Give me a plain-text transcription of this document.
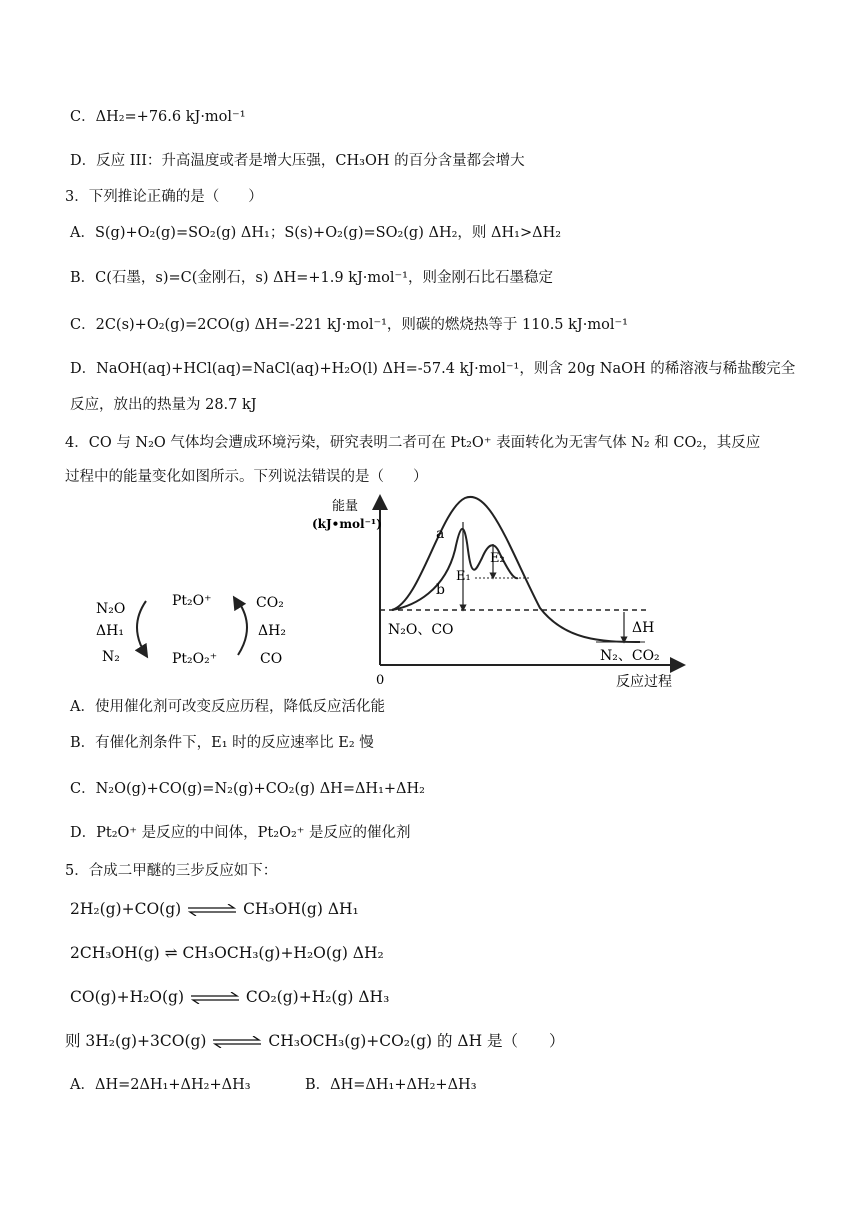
C．ΔH₂=+76.6 kJ·mol⁻¹
D．反应 III：升高温度或者是增大压强，CH₃OH 的百分含量都会增大
3．下列推论正确的是（　　）
A．S(g)+O₂(g)=SO₂(g) ΔH₁；S(s)+O₂(g)=SO₂(g) ΔH₂，则 ΔH₁>ΔH₂
B．C(石墨，s)=C(金刚石，s) ΔH=+1.9 kJ·mol⁻¹，则金刚石比石墨稳定
C．2C(s)+O₂(g)=2CO(g) ΔH=-221 kJ·mol⁻¹，则碳的燃烧热等于 110.5 kJ·mol⁻¹
D．NaOH(aq)+HCl(aq)=NaCl(aq)+H₂O(l) ΔH=-57.4 kJ·mol⁻¹，则含 20g NaOH 的稀溶液与稀盐酸完全
反应，放出的热量为 28.7 kJ
4．CO 与 N₂O 气体均会遭成环境污染，研究表明二者可在 Pt₂O⁺ 表面转化为无害气体 N₂ 和 CO₂，其反应
过程中的能量变化如图所示。下列说法错误的是（　　）
N₂O
ΔH₁
N₂
Pt₂O⁺
Pt₂O₂⁺
CO₂
ΔH₂
CO
能量
(kJ•mol⁻¹)
0	反应过程
a
b
E₁
E₂
N₂O、CO
N₂、CO₂
ΔH
A．使用催化剂可改变反应历程，降低反应活化能
B．有催化剂条件下，E₁ 时的反应速率比 E₂ 慢
C．N₂O(g)+CO(g)=N₂(g)+CO₂(g) ΔH=ΔH₁+ΔH₂
D．Pt₂O⁺ 是反应的中间体，Pt₂O₂⁺ 是反应的催化剂
5．合成二甲醚的三步反应如下：
2H₂(g)+CO(g) ⇌ CH₃OH(g) ΔH₁
2CH₃OH(g) ⇌ CH₃OCH₃(g)+H₂O(g) ΔH₂
CO(g)+H₂O(g) ⇌ CO₂(g)+H₂(g) ΔH₃
则 3H₂(g)+3CO(g) ⇌ CH₃OCH₃(g)+CO₂(g) 的 ΔH 是（　　）
A．ΔH=2ΔH₁+ΔH₂+ΔH₃	B．ΔH=ΔH₁+ΔH₂+ΔH₃
